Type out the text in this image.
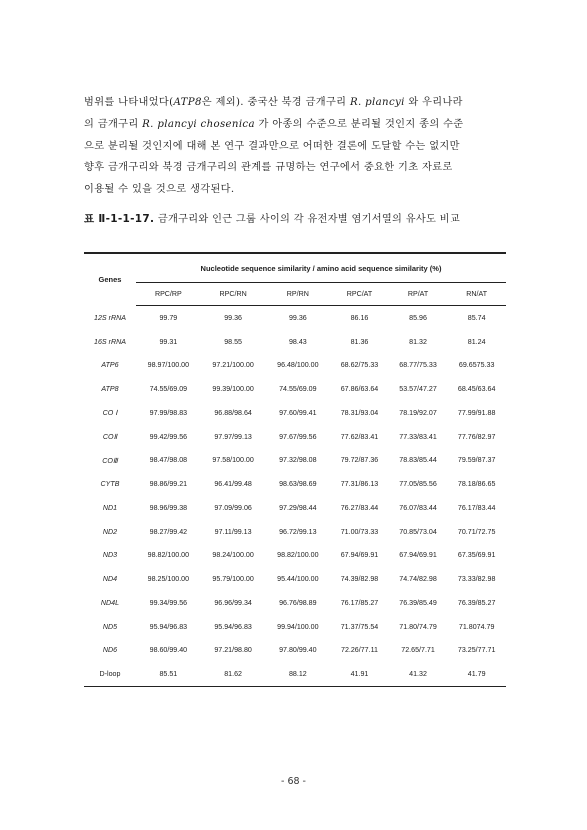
범위를 나타내었다(ATP8은 제외). 중국산 북경 금개구리 R. plancyi 와 우리나라
의 금개구리 R. plancyi chosenica 가 아종의 수준으로 분리될 것인지 종의 수준
으로 분리될 것인지에 대해 본 연구 결과만으로 어떠한 결론에 도달할 수는 없지만
향후 금개구리와 북경 금개구리의 관계를 규명하는 연구에서 중요한 기초 자료로
이용될 수 있을 것으로 생각된다.
표 Ⅱ-1-1-17. 금개구리와 인근 그룹 사이의 각 유전자별 염기서열의 유사도 비교
Genes	Nucleotide sequence similarity / amino acid sequence similarity (%)					
	RPC/RP	RPC/RN	RP/RN	RPC/AT	RP/AT	RN/AT
12S rRNA	99.79	99.36	99.36	86.16	85.96	85.74
16S rRNA	99.31	98.55	98.43	81.36	81.32	81.24
ATP6	98.97/100.00	97.21/100.00	96.48/100.00	68.62/75.33	68.77/75.33	69.6575.33
ATP8	74.55/69.09	99.39/100.00	74.55/69.09	67.86/63.64	53.57/47.27	68.45/63.64
CO Ⅰ	97.99/98.83	96.88/98.64	97.60/99.41	78.31/93.04	78.19/92.07	77.99/91.88
COⅡ	99.42/99.56	97.97/99.13	97.67/99.56	77.62/83.41	77.33/83.41	77.76/82.97
COⅢ	98.47/98.08	97.58/100.00	97.32/98.08	79.72/87.36	78.83/85.44	79.59/87.37
CYTB	98.86/99.21	96.41/99.48	98.63/98.69	77.31/86.13	77.05/85.56	78.18/86.65
ND1	98.96/99.38	97.09/99.06	97.29/98.44	76.27/83.44	76.07/83.44	76.17/83.44
ND2	98.27/99.42	97.11/99.13	96.72/99.13	71.00/73.33	70.85/73.04	70.71/72.75
ND3	98.82/100.00	98.24/100.00	98.82/100.00	67.94/69.91	67.94/69.91	67.35/69.91
ND4	98.25/100.00	95.79/100.00	95.44/100.00	74.39/82.98	74.74/82.98	73.33/82.98
ND4L	99.34/99.56	96.96/99.34	96.76/98.89	76.17/85.27	76.39/85.49	76.39/85.27
ND5	95.94/96.83	95.94/96.83	99.94/100.00	71.37/75.54	71.80/74.79	71.8074.79
ND6	98.60/99.40	97.21/98.80	97.80/99.40	72.26/77.11	72.65/7.71	73.25/77.71
D-loop	85.51	81.62	88.12	41.91	41.32	41.79
- 68 -
